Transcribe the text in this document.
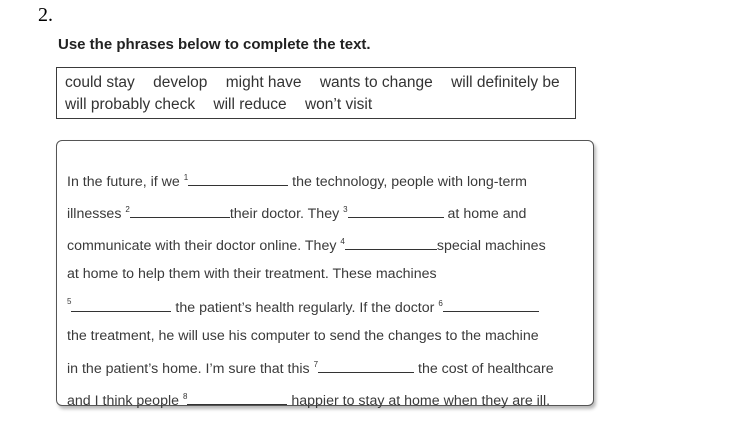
2.
Use the phrases below to complete the text.
could stay develop might have wants to change will definitely be
will probably check will reduce won’t visit
In the future, if we $^1$	the technology, people with long-term
illnesses $^2$	their doctor. They $^3$	at home and
communicate with their doctor online. They $^4$	special machines
at home to help them with their treatment. These machines
$^5$	the patient’s health regularly. If the doctor $^6$
the treatment, he will use his computer to send the changes to the machine
in the patient’s home. I’m sure that this $^7$	the cost of healthcare
and I think people $^8$	happier to stay at home when they are ill.
